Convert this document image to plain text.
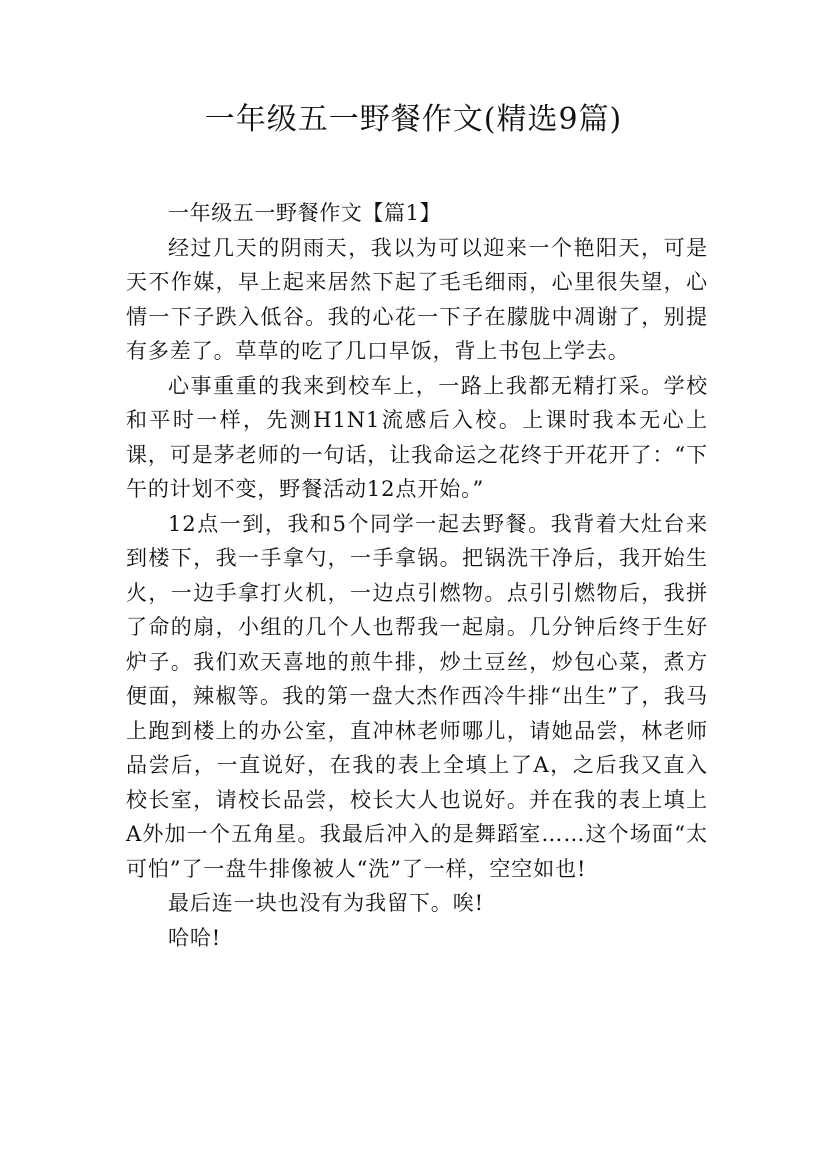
一年级五一野餐作文(精选9篇)

一年级五一野餐作文【篇1】

经过几天的阴雨天，我以为可以迎来一个艳阳天，可是天不作媒，早上起来居然下起了毛毛细雨，心里很失望，心情一下子跌入低谷。我的心花一下子在朦胧中凋谢了，别提有多差了。草草的吃了几口早饭，背上书包上学去。

心事重重的我来到校车上，一路上我都无精打采。学校和平时一样，先测H1N1流感后入校。上课时我本无心上课，可是茅老师的一句话，让我命运之花终于开花开了：“下午的计划不变，野餐活动12点开始。”

12点一到，我和5个同学一起去野餐。我背着大灶台来到楼下，我一手拿勺，一手拿锅。把锅洗干净后，我开始生火，一边手拿打火机，一边点引燃物。点引引燃物后，我拼了命的扇，小组的几个人也帮我一起扇。几分钟后终于生好炉子。我们欢天喜地的煎牛排，炒土豆丝，炒包心菜，煮方便面，辣椒等。我的第一盘大杰作西冷牛排“出生”了，我马上跑到楼上的办公室，直冲林老师哪儿，请她品尝，林老师品尝后，一直说好，在我的表上全填上了A，之后我又直入校长室，请校长品尝，校长大人也说好。并在我的表上填上A外加一个五角星。我最后冲入的是舞蹈室……这个场面“太可怕”了一盘牛排像被人“洗”了一样，空空如也!

最后连一块也没有为我留下。唉!

哈哈!
